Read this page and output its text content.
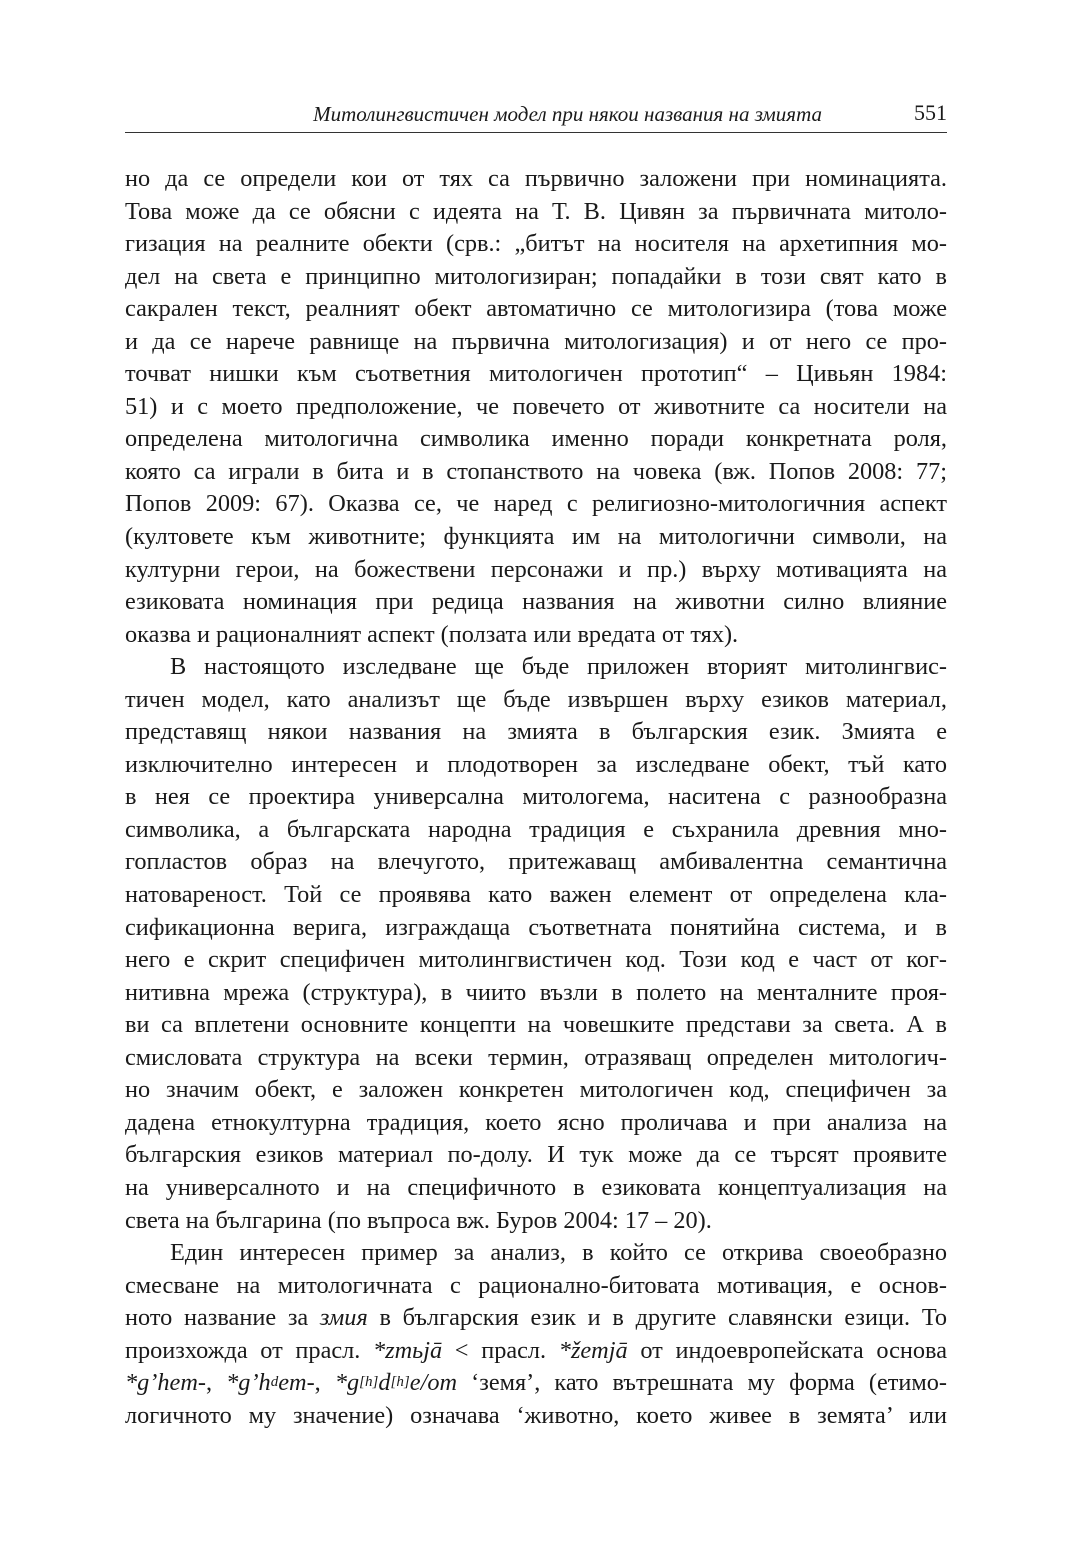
Митолингвистичен модел при някои названия на змията	551
но да се определи кои от тях са първично заложени при номинацията.
Това може да се обясни с идеята на Т. В. Цивян за първичната митоло-
гизация на реалните обекти (срв.: „битът на носителя на архетипния мо-
дел на света е принципно митологизиран; попадайки в този свят като в
сакрален текст, реалният обект автоматично се митологизира (това може
и да се нарече равнище на първична митологизация) и от него се про-
точват нишки към съответния митологичен прототип“ – Цивьян 1984:
51) и с моето предположение, че повечето от животните са носители на
определена митологична символика именно поради конкретната роля,
която са играли в бита и в стопанството на човека (вж. Попов 2008: 77;
Попов 2009: 67). Оказва се, че наред с религиозно-митологичния аспект
(култовете към животните; функцията им на митологични символи, на
културни герои, на божествени персонажи и пр.) върху мотивацията на
езиковата номинация при редица названия на животни силно влияние
оказва и рационалният аспект (ползата или вредата от тях).
В настоящото изследване ще бъде приложен вторият митолингвис-
тичен модел, като анализът ще бъде извършен върху езиков материал,
представящ някои названия на змията в българския език. Змията е
изключително интересен и плодотворен за изследване обект, тъй като
в нея се проектира универсална митологема, наситена с разнообразна
символика, а българската народна традиция е съхранила древния мно-
гопластов образ на влечугото, притежаващ амбивалентна семантична
натовареност. Той се проявява като важен елемент от определена кла-
сификационна верига, изграждаща съответната понятийна система, и в
него е скрит специфичен митолингвистичен код. Този код е част от ког-
нитивна мрежа (структура), в чиито възли в полето на менталните проя-
ви са вплетени основните концепти на човешките представи за света. А в
смисловата структура на всеки термин, отразяващ определен митологич-
но значим обект, е заложен конкретен митологичен код, специфичен за
дадена етнокултурна традиция, което ясно проличава и при анализа на
българския езиков материал по-долу. И тук може да се търсят проявите
на универсалното и на специфичното в езиковата концептуализация на
света на българина (по въпроса вж. Буров 2004: 17 – 20).
Един интересен пример за анализ, в който се открива своеобразно
смесване на митологичната с рационално-битовата мотивация, е основ-
ното название за змия в българския език и в другите славянски езици. То
произхожда от прасл. *zmьjā < прасл. *žemjā от индоевропейската основа
*g’hem-, $*g’h^dem-$, *g[h]d[h]e/om ‘земя’, като вътрешната му форма (етимо-
логичното му значение) означава ‘животно, което живее в земята’ или
